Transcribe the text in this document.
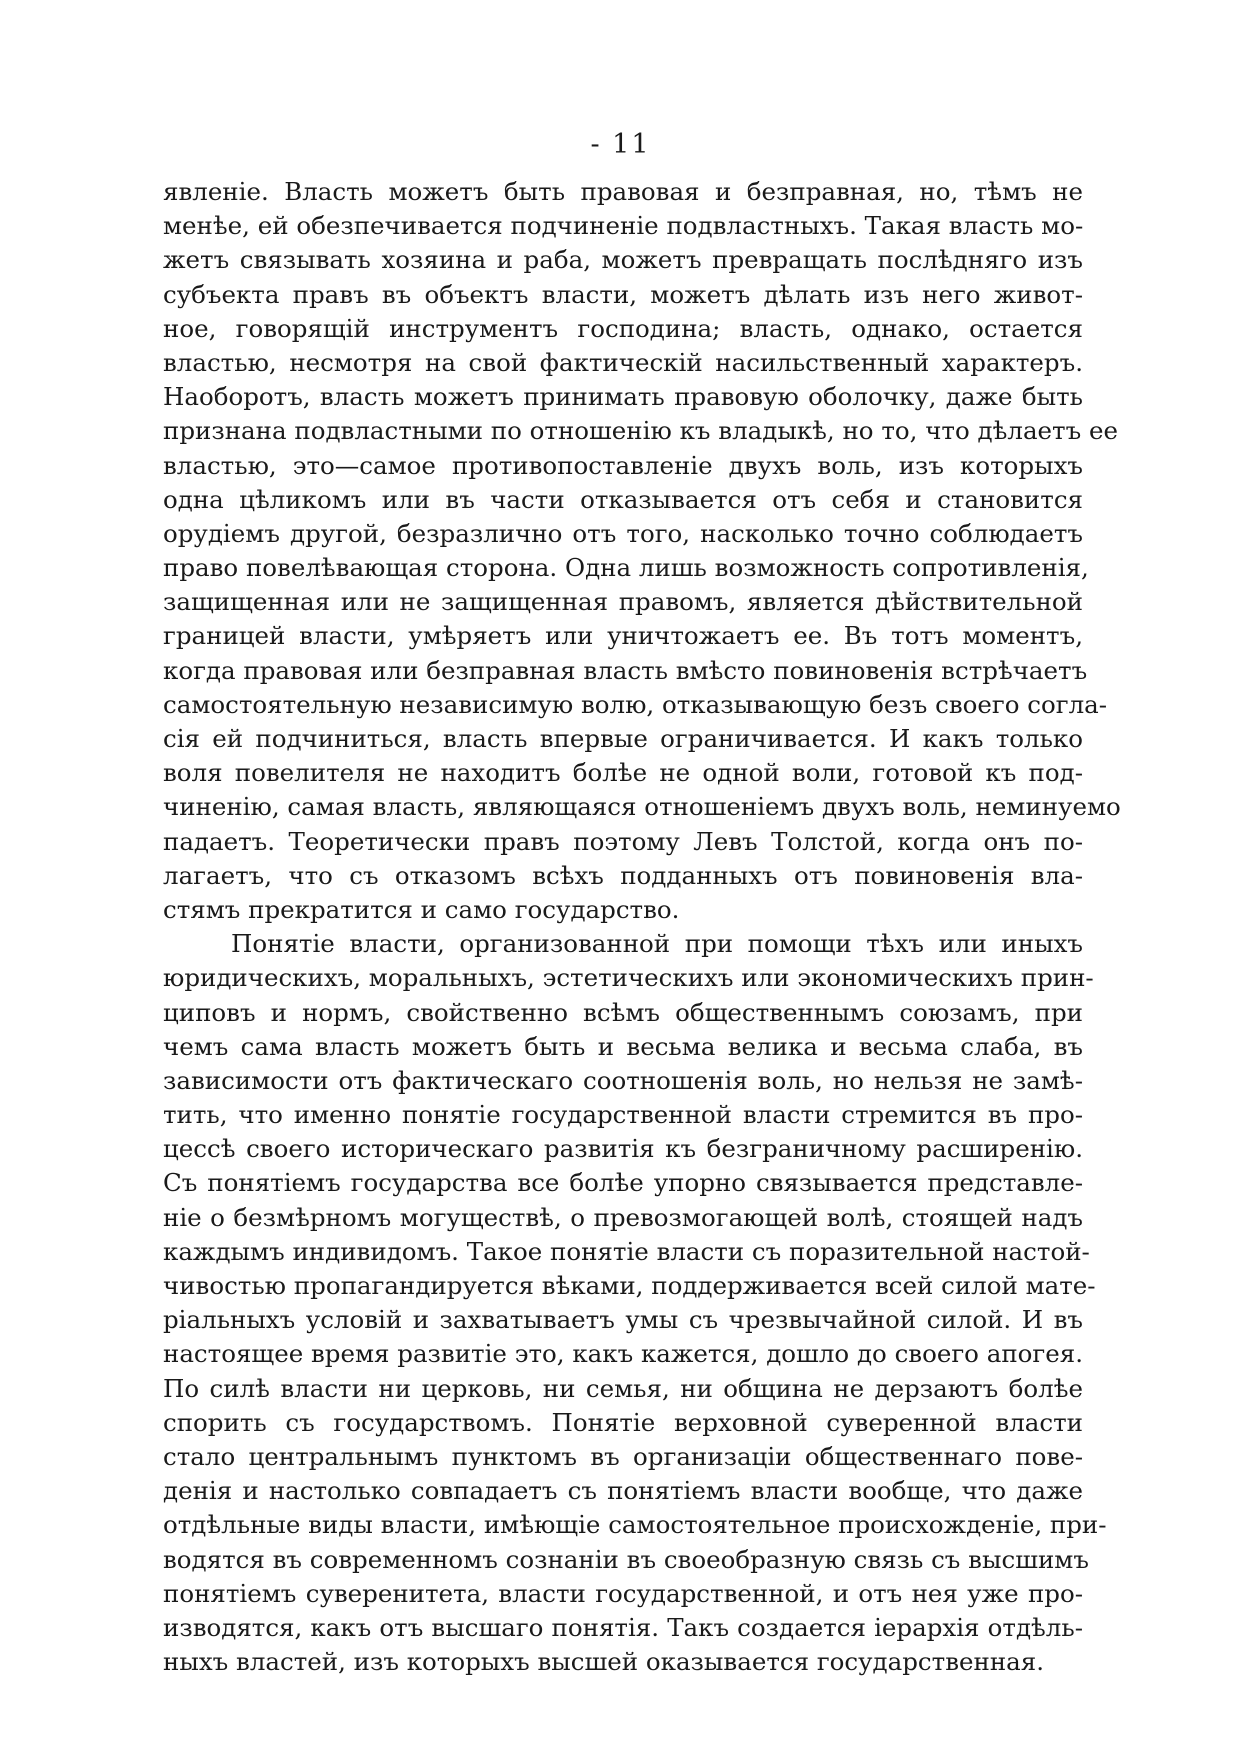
- 11
явленіе. Власть можетъ быть правовая и безправная, но, тѣмъ не
менѣе, ей обезпечивается подчиненіе подвластныхъ. Такая власть мо-
жетъ связывать хозяина и раба, можетъ превращать послѣдняго изъ
субъекта правъ въ объектъ власти, можетъ дѣлать изъ него живот-
ное, говорящій инструментъ господина; власть, однако, остается
властью, несмотря на свой фактическій насильственный характеръ.
Наоборотъ, власть можетъ принимать правовую оболочку, даже быть
признана подвластными по отношенію къ владыкѣ, но то, что дѣлаетъ ее
властью, это—самое противопоставленіе двухъ воль, изъ которыхъ
одна цѣликомъ или въ части отказывается отъ себя и становится
орудіемъ другой, безразлично отъ того, насколько точно соблюдаетъ
право повелѣвающая сторона. Одна лишь возможность сопротивленія,
защищенная или не защищенная правомъ, является дѣйствительной
границей власти, умѣряетъ или уничтожаетъ ее. Въ тотъ моментъ,
когда правовая или безправная власть вмѣсто повиновенія встрѣчаетъ
самостоятельную независимую волю, отказывающую безъ своего согла-
сія ей подчиниться, власть впервые ограничивается. И какъ только
воля повелителя не находитъ болѣе не одной воли, готовой къ под-
чиненію, самая власть, являющаяся отношеніемъ двухъ воль, неминуемо
падаетъ. Теоретически правъ поэтому Левъ Толстой, когда онъ по-
лагаетъ, что съ отказомъ всѣхъ подданныхъ отъ повиновенія вла-
стямъ прекратится и само государство.
Понятіе власти, организованной при помощи тѣхъ или иныхъ
юридическихъ, моральныхъ, эстетическихъ или экономическихъ прин-
циповъ и нормъ, свойственно всѣмъ общественнымъ союзамъ, при
чемъ сама власть можетъ быть и весьма велика и весьма слаба, въ
зависимости отъ фактическаго соотношенія воль, но нельзя не замѣ-
тить, что именно понятіе государственной власти стремится въ про-
цессѣ своего историческаго развитія къ безграничному расширенію.
Съ понятіемъ государства все болѣе упорно связывается представле-
ніе о безмѣрномъ могуществѣ, о превозмогающей волѣ, стоящей надъ
каждымъ индивидомъ. Такое понятіе власти съ поразительной настой-
чивостью пропагандируется вѣками, поддерживается всей силой мате-
ріальныхъ условій и захватываетъ умы съ чрезвычайной силой. И въ
настоящее время развитіе это, какъ кажется, дошло до своего апогея.
По силѣ власти ни церковь, ни семья, ни община не дерзаютъ болѣе
спорить съ государствомъ. Понятіе верховной суверенной власти
стало центральнымъ пунктомъ въ организаціи общественнаго пове-
денія и настолько совпадаетъ съ понятіемъ власти вообще, что даже
отдѣльные виды власти, имѣющіе самостоятельное происхожденіе, при-
водятся въ современномъ сознаніи въ своеобразную связь съ высшимъ
понятіемъ суверенитета, власти государственной, и отъ нея уже про-
изводятся, какъ отъ высшаго понятія. Такъ создается іерархія отдѣль-
ныхъ властей, изъ которыхъ высшей оказывается государственная.
